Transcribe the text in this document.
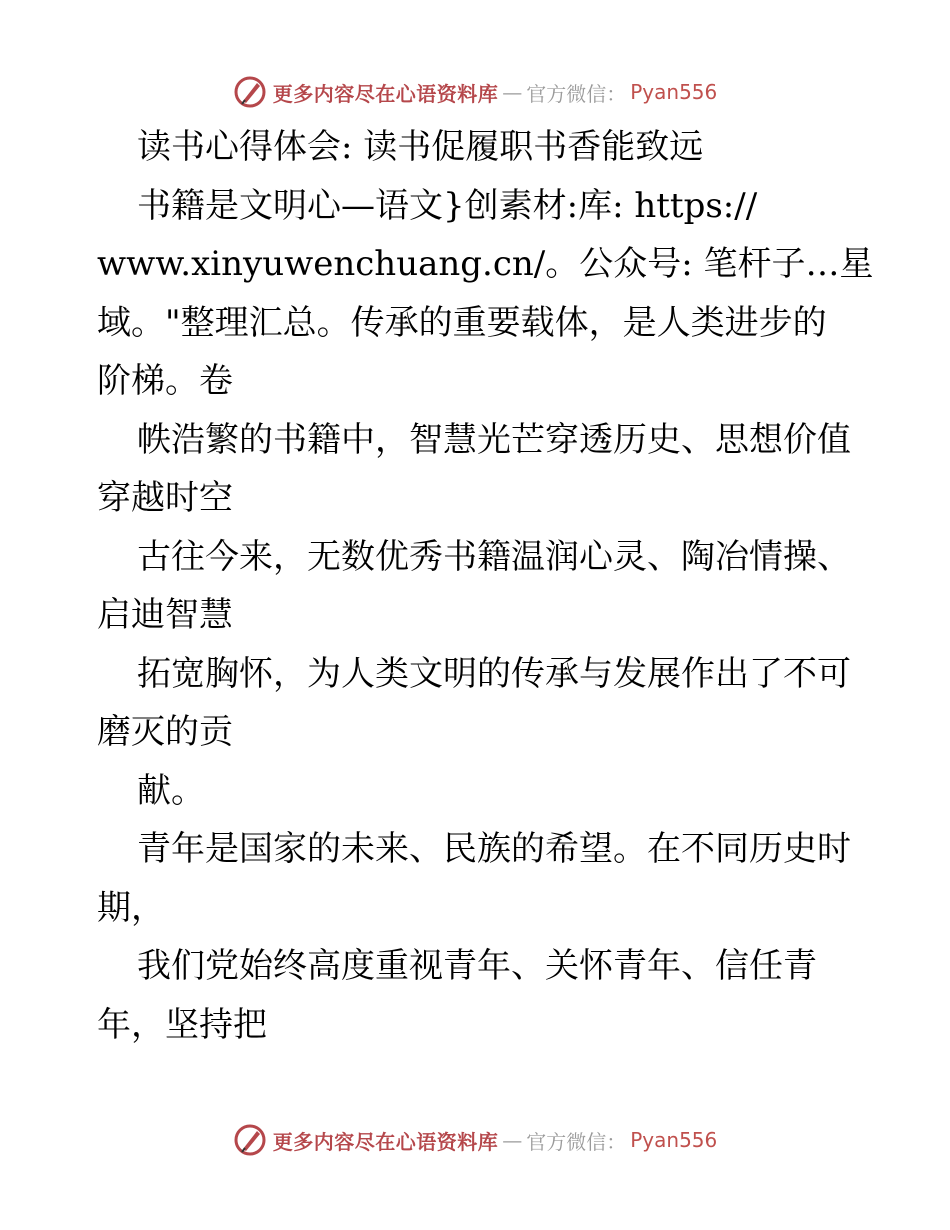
更多内容尽在心语资料库 — 官方微信： Pyan556
读书心得体会: 读书促履职书香能致远
书籍是文明心—语文}创素材:库: https://
www.xinyuwenchuang.cn/。公众号: 笔杆子…星
域。"整理汇总。传承的重要载体，是人类进步的
阶梯。卷
帙浩繁的书籍中，智慧光芒穿透历史、思想价值
穿越时空
古往今来，无数优秀书籍温润心灵、陶冶情操、
启迪智慧
拓宽胸怀，为人类文明的传承与发展作出了不可
磨灭的贡
献。
青年是国家的未来、民族的希望。在不同历史时
期，
我们党始终高度重视青年、关怀青年、信任青
年，坚持把
更多内容尽在心语资料库 — 官方微信： Pyan556
